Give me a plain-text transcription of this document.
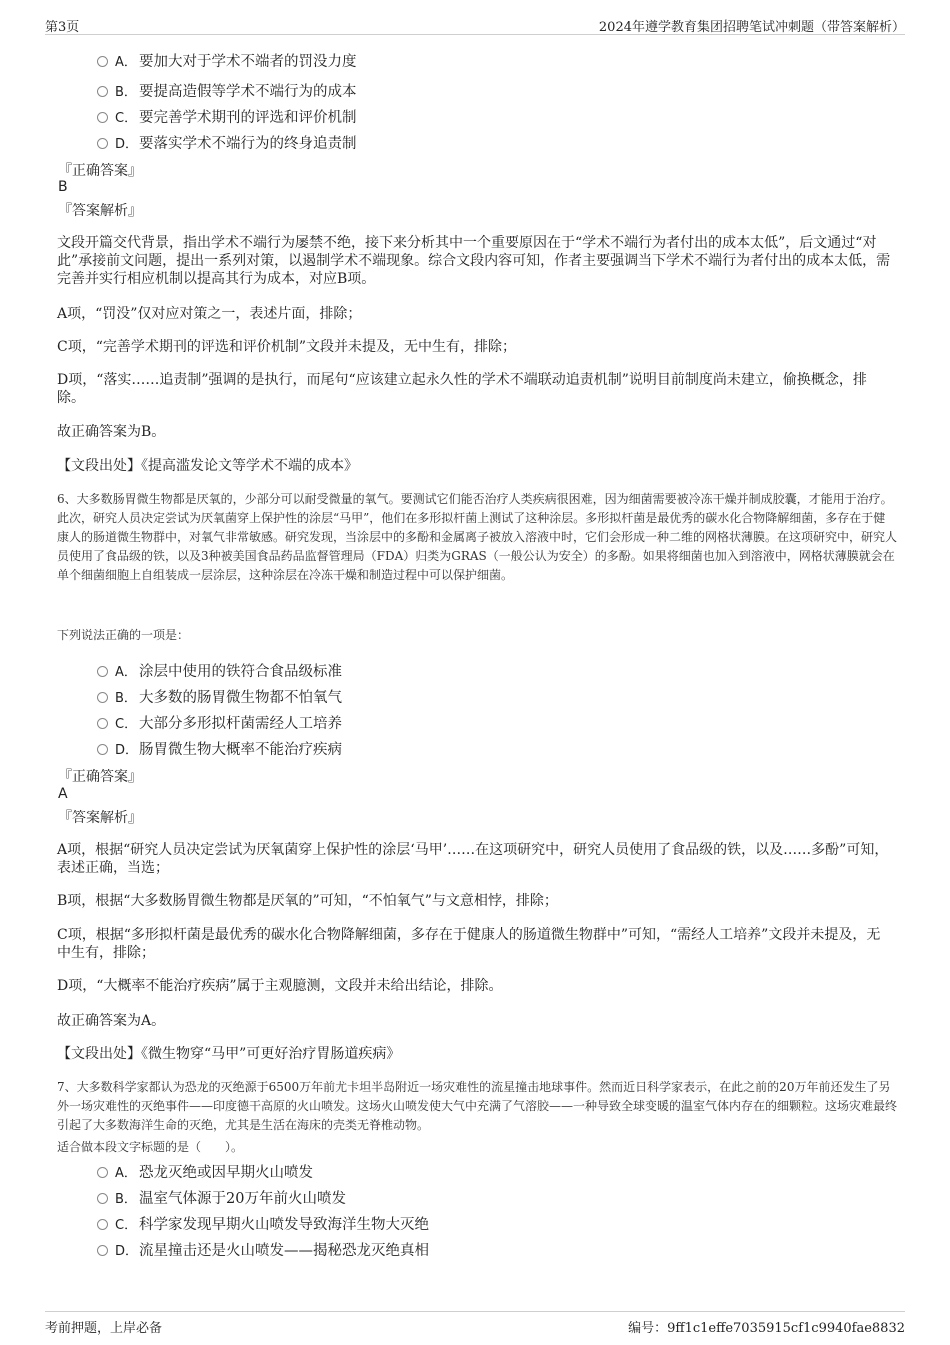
第3页	2024年遵学教育集团招聘笔试冲刺题（带答案解析）
A． 要加大对于学术不端者的罚没力度
B． 要提高造假等学术不端行为的成本
C． 要完善学术期刊的评选和评价机制
D．要落实学术不端行为的终身追责制
『正确答案』
B
『答案解析』
文段开篇交代背景，指出学术不端行为屡禁不绝，接下来分析其中一个重要原因在于“学术不端行为者付出的成本太低”，后文通过“对此”承接前文问题，提出一系列对策，以遏制学术不端现象。综合文段内容可知，作者主要强调当下学术不端行为者付出的成本太低，需完善并实行相应机制以提高其行为成本，对应B项。
A项，“罚没”仅对应对策之一，表述片面，排除；
C项，“完善学术期刊的评选和评价机制”文段并未提及，无中生有，排除；
D项，“落实……追责制”强调的是执行，而尾句“应该建立起永久性的学术不端联动追责机制”说明目前制度尚未建立，偷换概念，排除。
故正确答案为B。
【文段出处】《提高滥发论文等学术不端的成本》
6、大多数肠胃微生物都是厌氧的，少部分可以耐受微量的氧气。要测试它们能否治疗人类疾病很困难，因为细菌需要被冷冻干燥并制成胶囊，才能用于治疗。此次，研究人员决定尝试为厌氧菌穿上保护性的涂层“马甲”，他们在多形拟杆菌上测试了这种涂层。多形拟杆菌是最优秀的碳水化合物降解细菌，多存在于健康人的肠道微生物群中，对氧气非常敏感。研究发现，当涂层中的多酚和金属离子被放入溶液中时，它们会形成一种二维的网格状薄膜。在这项研究中，研究人员使用了食品级的铁，以及3种被美国食品药品监督管理局（FDA）归类为GRAS（一般公认为安全）的多酚。如果将细菌也加入到溶液中，网格状薄膜就会在单个细菌细胞上自组装成一层涂层，这种涂层在冷冻干燥和制造过程中可以保护细菌。
下列说法正确的一项是：
A． 涂层中使用的铁符合食品级标准
B． 大多数的肠胃微生物都不怕氧气
C． 大部分多形拟杆菌需经人工培养
D．肠胃微生物大概率不能治疗疾病
『正确答案』
A
『答案解析』
A项，根据“研究人员决定尝试为厌氧菌穿上保护性的涂层‘马甲’……在这项研究中，研究人员使用了食品级的铁，以及……多酚”可知，表述正确，当选；
B项，根据“大多数肠胃微生物都是厌氧的”可知，“不怕氧气”与文意相悖，排除；
C项，根据“多形拟杆菌是最优秀的碳水化合物降解细菌，多存在于健康人的肠道微生物群中”可知，“需经人工培养”文段并未提及，无中生有，排除；
D项，“大概率不能治疗疾病”属于主观臆测，文段并未给出结论，排除。
故正确答案为A。
【文段出处】《微生物穿“马甲”可更好治疗胃肠道疾病》
7、大多数科学家都认为恐龙的灭绝源于6500万年前尤卡坦半岛附近一场灾难性的流星撞击地球事件。然而近日科学家表示，在此之前的20万年前还发生了另外一场灾难性的灭绝事件——印度德干高原的火山喷发。这场火山喷发使大气中充满了气溶胶——一种导致全球变暖的温室气体内存在的细颗粒。这场灾难最终引起了大多数海洋生命的灭绝，尤其是生活在海床的壳类无脊椎动物。
适合做本段文字标题的是（　　）。
A． 恐龙灭绝或因早期火山喷发
B． 温室气体源于20万年前火山喷发
C． 科学家发现早期火山喷发导致海洋生物大灭绝
D．流星撞击还是火山喷发——揭秘恐龙灭绝真相
考前押题，上岸必备	编号：9ff1c1effe7035915cf1c9940fae8832
